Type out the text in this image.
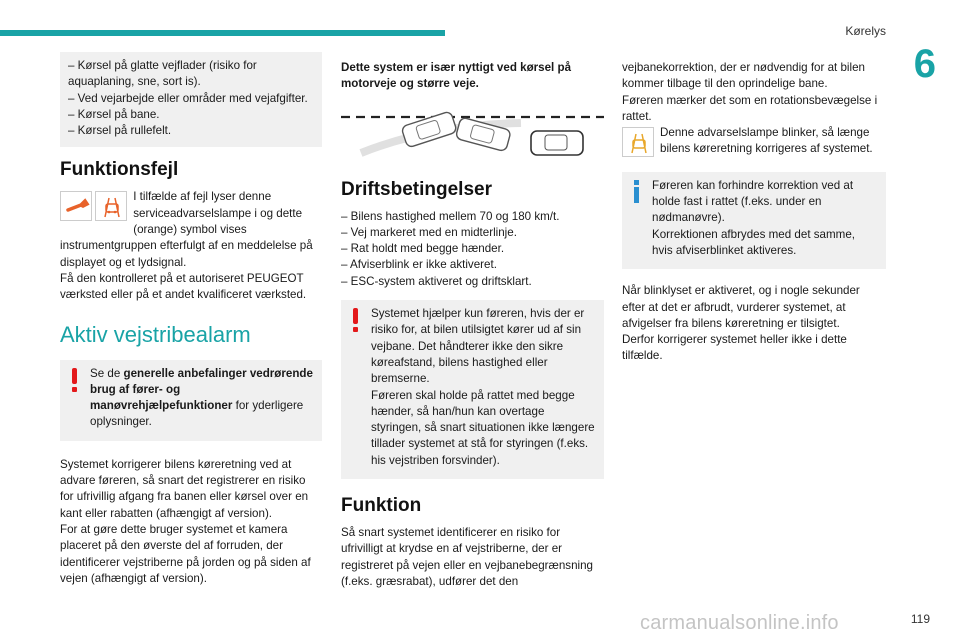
Kørelys
6
– Kørsel på glatte vejflader (risiko for aquaplaning, sne, sort is).
– Ved vejarbejde eller områder med vejafgifter.
– Kørsel på bane.
– Kørsel på rullefelt.
Funktionsfejl

I tilfælde af fejl lyser denne serviceadvarselslampe i og dette (orange) symbol vises instrumentgruppen efterfulgt af en meddelelse på displayet og et lydsignal.
Få den kontrolleret på et autoriseret PEUGEOT værksted eller på et andet kvalificeret værksted.
Aktiv vejstribealarm
Se de generelle anbefalinger vedrørende brug af fører- og manøvrehjælpefunktioner for yderligere oplysninger.
Systemet korrigerer bilens køreretning ved at advare føreren, så snart det registrerer en risiko for ufrivillig afgang fra banen eller kørsel over en kant eller rabatten (afhængigt af version).
For at gøre dette bruger systemet et kamera placeret på den øverste del af forruden, der identificerer vejstriberne på jorden og på siden af vejen (afhængigt af version).
Dette system er især nyttigt ved kørsel på motorveje og større veje.
Driftsbetingelser
– Bilens hastighed mellem 70 og 180 km/t.
– Vej markeret med en midterlinje.
– Rat holdt med begge hænder.
– Afviserblink er ikke aktiveret.
– ESC-system aktiveret og driftsklart.
Systemet hjælper kun føreren, hvis der er risiko for, at bilen utilsigtet kører ud af sin vejbane. Det håndterer ikke den sikre køreafstand, bilens hastighed eller bremserne.
Føreren skal holde på rattet med begge hænder, så han/hun kan overtage styringen, så snart situationen ikke længere tillader systemet at stå for styringen (f.eks. his vejstriben forsvinder).
Funktion
Så snart systemet identificerer en risiko for ufrivilligt at krydse en af vejstriberne, der er registreret på vejen eller en vejbanebegrænsning (f.eks. græsrabat), udfører det den
vejbanekorrektion, der er nødvendig for at bilen kommer tilbage til den oprindelige bane.
Føreren mærker det som en rotationsbevægelse i rattet.
Denne advarselslampe blinker, så længe bilens køreretning korrigeres af systemet.
Føreren kan forhindre korrektion ved at holde fast i rattet (f.eks. under en nødmanøvre).
Korrektionen afbrydes med det samme, hvis afviserblinket aktiveres.
Når blinklyset er aktiveret, og i nogle sekunder efter at det er afbrudt, vurderer systemet, at afvigelser fra bilens køreretning er tilsigtet.
Derfor korrigerer systemet heller ikke i dette tilfælde.
carmanualsonline.info	119
